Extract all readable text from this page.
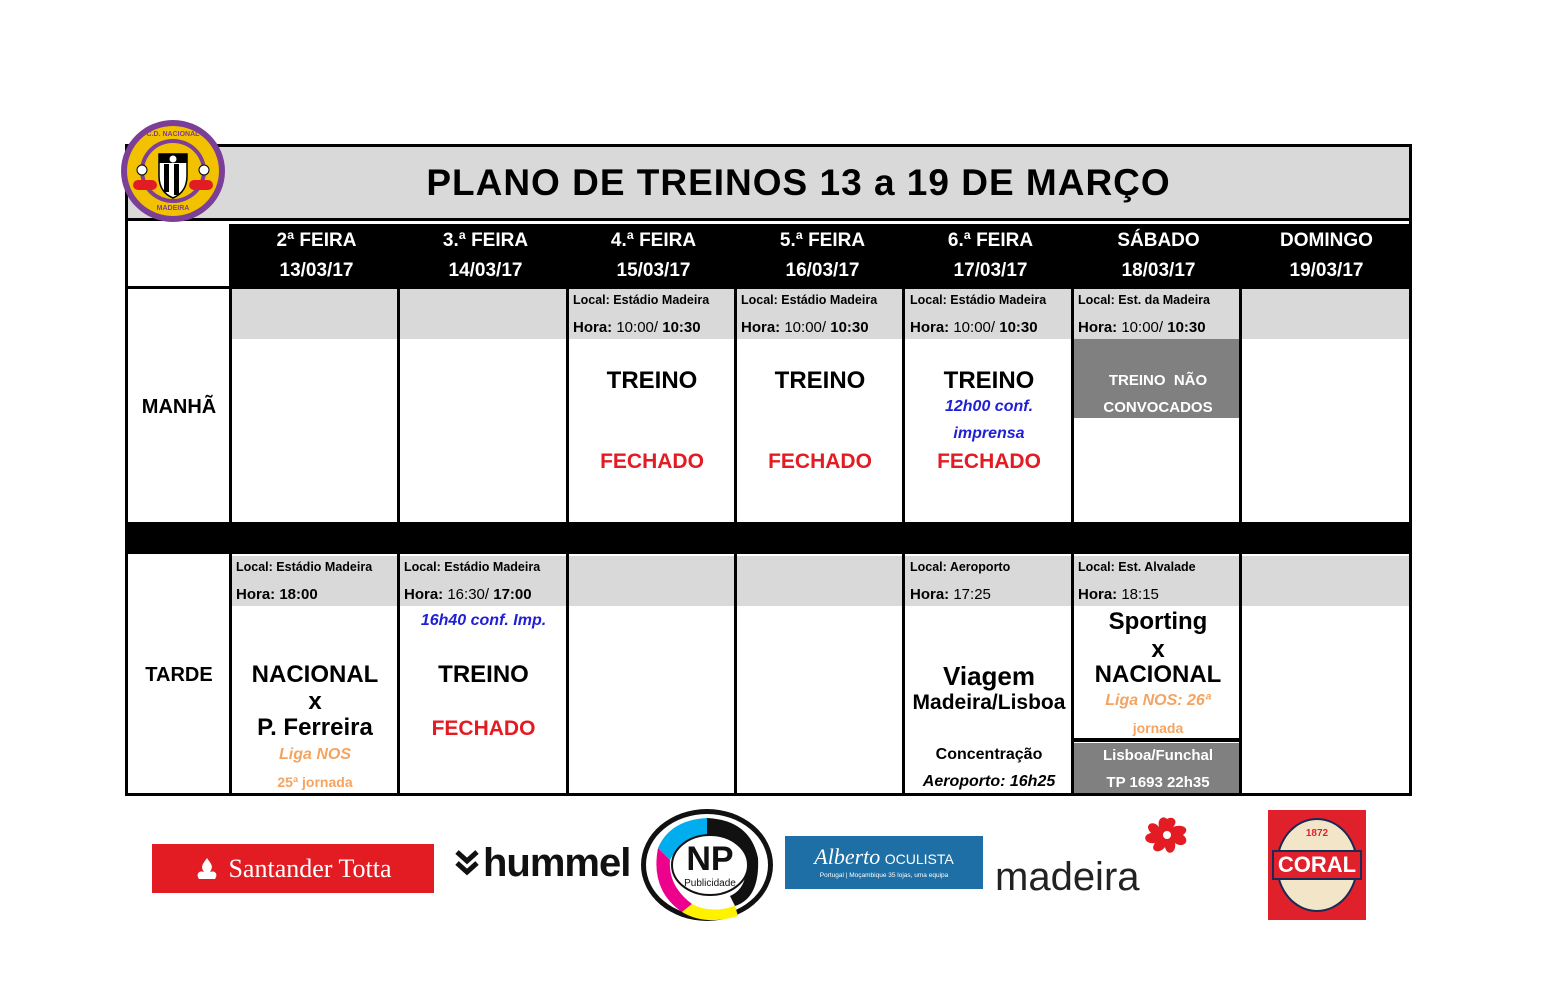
PLANO DE TREINOS 13 a 19 DE MARÇO
C.D. NACIONAL
MADEIRA
2ª FEIRA
13/03/17
3.ª FEIRA
14/03/17
4.ª FEIRA
15/03/17
5.ª FEIRA
16/03/17
6.ª FEIRA
17/03/17
SÁBADO
18/03/17
DOMINGO
19/03/17
MANHÃ
TARDE
Local: Estádio Madeira
Hora: 10:00/ 10:30
TREINO
FECHADO
Local: Estádio Madeira
Hora: 10:00/ 10:30
TREINO
FECHADO
Local: Estádio Madeira
Hora: 10:00/ 10:30
TREINO
12h00 conf.
imprensa
FECHADO
Local: Est. da Madeira
Hora: 10:00/ 10:30
TREINO  NÃO
CONVOCADOS
Local: Estádio Madeira
Hora: 18:00
NACIONAL
x
P. Ferreira
Liga NOS
25ª jornada
Local: Estádio Madeira
Hora: 16:30/ 17:00
16h40 conf. Imp.
TREINO
FECHADO
Local: Aeroporto
Hora: 17:25
Viagem
Madeira/Lisboa
Concentração
Aeroporto: 16h25
Local: Est. Alvalade
Hora: 18:15
Sporting
x
NACIONAL
Liga NOS: 26ª
jornada
Lisboa/Funchal
TP 1693 22h35
Santander Totta hummel	NP
Publicidade
Alberto OCULISTA
Portugal | Moçambique 35 lojas, uma equipa	madeira
1872
CORAL
